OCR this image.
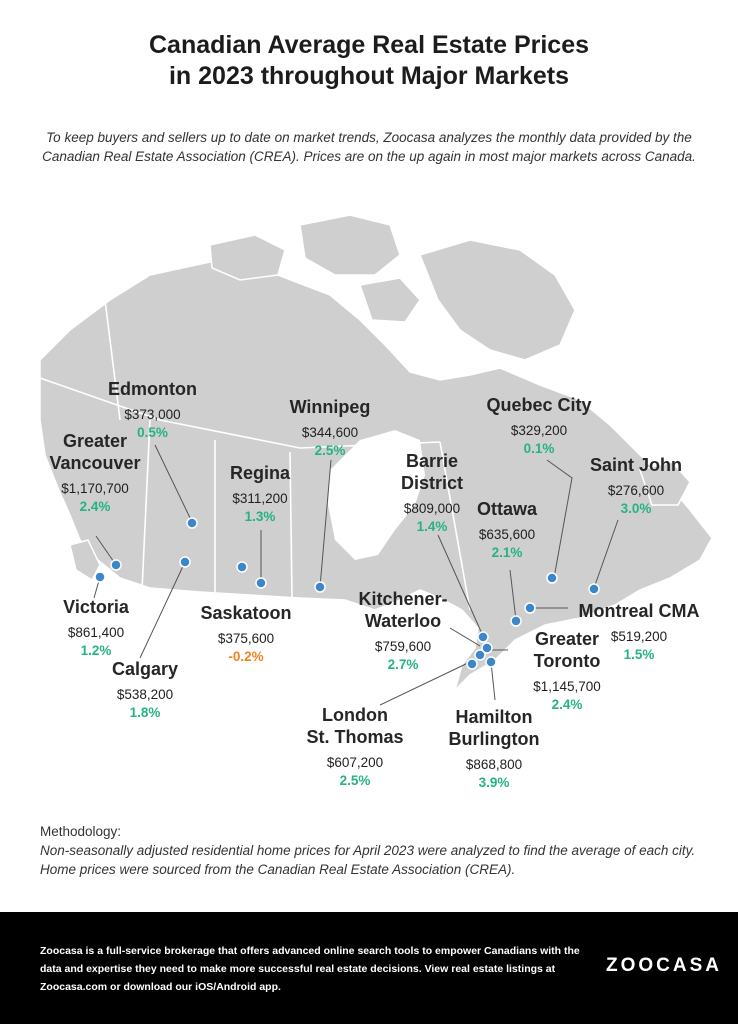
Canadian Average Real Estate Prices
in 2023 throughout Major Markets
To keep buyers and sellers up to date on market trends, Zoocasa analyzes the monthly data provided by the Canadian Real Estate Association (CREA). Prices are on the up again in most major markets across Canada.
Edmonton
$373,000
0.5%
Greater
Vancouver
$1,170,700
2.4%
Winnipeg
$344,600
2.5%
Regina
$311,200
1.3%
Quebec City
$329,200
0.1%
Barrie
District
$809,000
1.4%
Saint John
$276,600
3.0%
Ottawa
$635,600
2.1%
Victoria
$861,400
1.2%
Saskatoon
$375,600
-0.2%
Kitchener-
Waterloo
$759,600
2.7%
Montreal CMA
$519,200
1.5%
Greater
Toronto
$1,145,700
2.4%
Calgary
$538,200
1.8%	London
St. Thomas
$607,200
2.5%
Hamilton
Burlington
$868,800
3.9%
Methodology:
Non-seasonally adjusted residential home prices for April 2023 were analyzed to find the average of each city. Home prices were sourced from the Canadian Real Estate Association (CREA).
Zoocasa is a full-service brokerage that offers advanced online search tools to empower Canadians with the data and expertise they need to make more successful real estate decisions. View real estate listings at Zoocasa.com or download our iOS/Android app.
ZOOCASA
